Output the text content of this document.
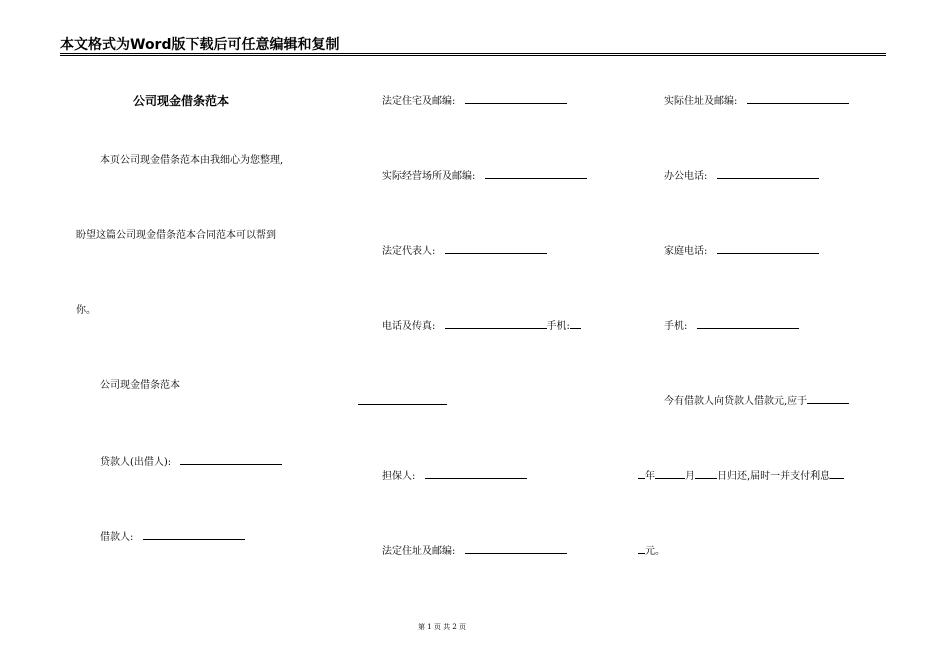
本文格式为Word版下载后可任意编辑和复制
公司现金借条范本
本页公司现金借条范本由我细心为您整理,
盼望这篇公司现金借条范本合同范本可以帮到
你。
公司现金借条范本
贷款人(出借人):
借款人:
法定住宅及邮编:
实际经营场所及邮编:
法定代表人:
电话及传真:	手机:
担保人:
法定住址及邮编:
实际住址及邮编:
办公电话:
家庭电话:
手机:
今有借款人向贷款人借款元,应于
年	月 日归还,届时一并支付利息
元。
第 1 页 共 2 页
